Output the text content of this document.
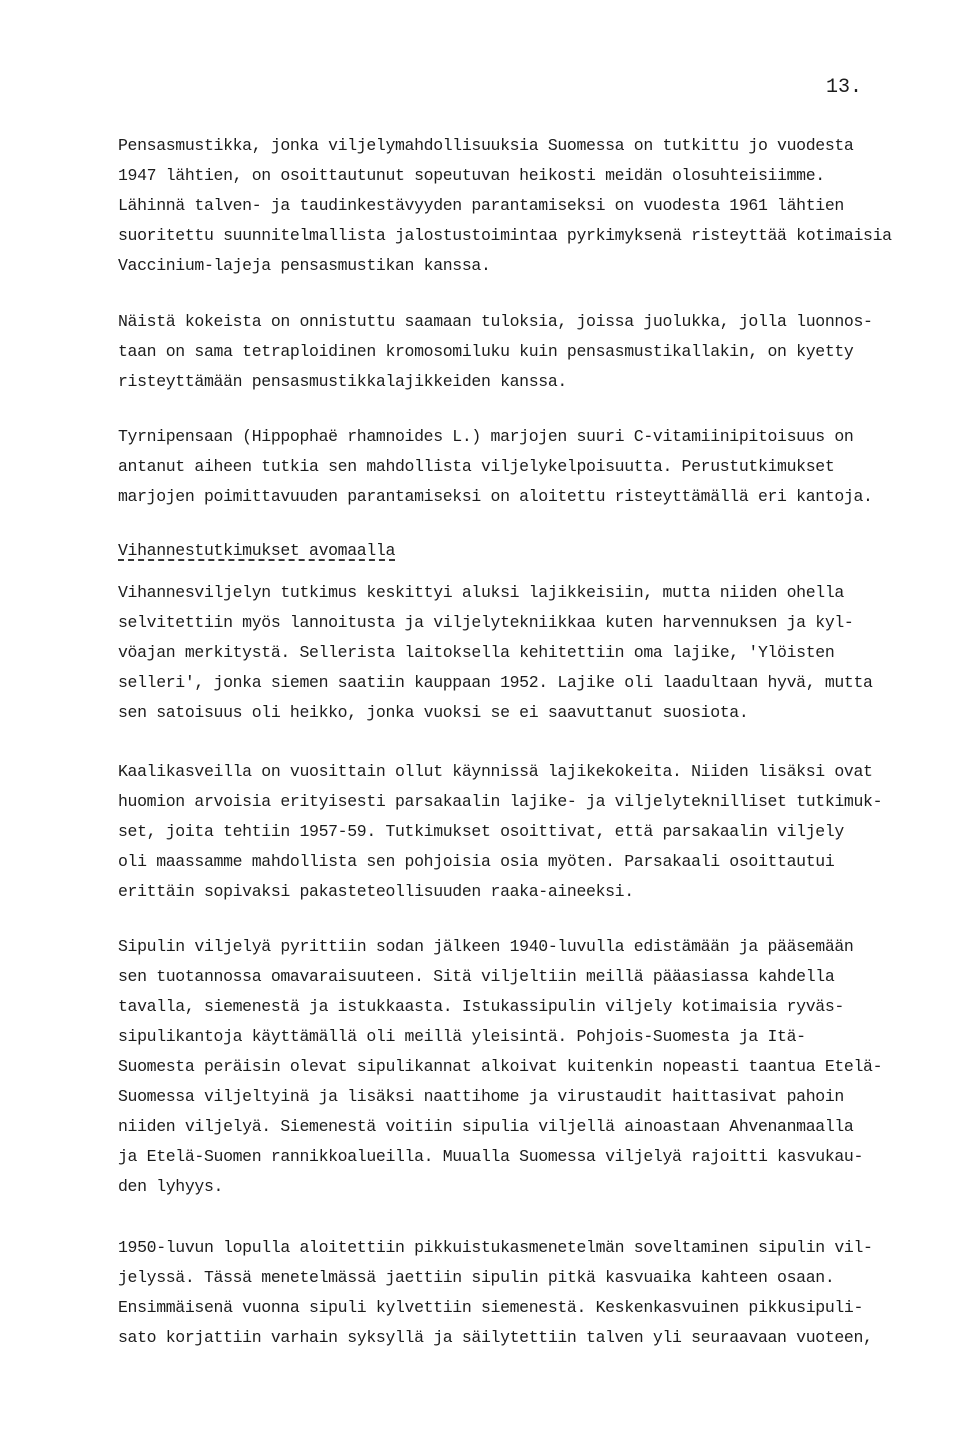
13.
Pensasmustikka, jonka viljelymahdollisuuksia Suomessa on tutkittu jo vuodesta
1947 lähtien, on osoittautunut sopeutuvan heikosti meidän olosuhteisiimme.
Lähinnä talven- ja taudinkestävyyden parantamiseksi on vuodesta 1961 lähtien
suoritettu suunnitelmallista jalostustoimintaa pyrkimyksenä risteyttää kotimaisia
Vaccinium-lajeja pensasmustikan kanssa.
Näistä kokeista on onnistuttu saamaan tuloksia, joissa juolukka, jolla luonnos-
taan on sama tetraploidinen kromosomiluku kuin pensasmustikallakin, on kyetty
risteyttämään pensasmustikkalajikkeiden kanssa.
Tyrnipensaan (Hippophaë rhamnoides L.) marjojen suuri C-vitamiinipitoisuus on
antanut aiheen tutkia sen mahdollista viljelykelpoisuutta. Perustutkimukset
marjojen poimittavuuden parantamiseksi on aloitettu risteyttämällä eri kantoja.
Vihannestutkimukset avomaalla
Vihannesviljelyn tutkimus keskittyi aluksi lajikkeisiin, mutta niiden ohella
selvitettiin myös lannoitusta ja viljelytekniikkaa kuten harvennuksen ja kyl-
vöajan merkitystä. Sellerista laitoksella kehitettiin oma lajike, 'Ylöisten
selleri', jonka siemen saatiin kauppaan 1952. Lajike oli laadultaan hyvä, mutta
sen satoisuus oli heikko, jonka vuoksi se ei saavuttanut suosiota.
Kaalikasveilla on vuosittain ollut käynnissä lajikekokeita. Niiden lisäksi ovat
huomion arvoisia erityisesti parsakaalin lajike- ja viljelyteknilliset tutkimuk-
set, joita tehtiin 1957-59. Tutkimukset osoittivat, että parsakaalin viljely
oli maassamme mahdollista sen pohjoisia osia myöten. Parsakaali osoittautui
erittäin sopivaksi pakasteteollisuuden raaka-aineeksi.
Sipulin viljelyä pyrittiin sodan jälkeen 1940-luvulla edistämään ja pääsemään
sen tuotannossa omavaraisuuteen. Sitä viljeltiin meillä pääasiassa kahdella
tavalla, siemenestä ja istukkaasta. Istukassipulin viljely kotimaisia ryväs-
sipulikantoja käyttämällä oli meillä yleisintä. Pohjois-Suomesta ja Itä-
Suomesta peräisin olevat sipulikannat alkoivat kuitenkin nopeasti taantua Etelä-
Suomessa viljeltyinä ja lisäksi naattihome ja virustaudit haittasivat pahoin
niiden viljelyä. Siemenestä voitiin sipulia viljellä ainoastaan Ahvenanmaalla
ja Etelä-Suomen rannikkoalueilla. Muualla Suomessa viljelyä rajoitti kasvukau-
den lyhyys.
1950-luvun lopulla aloitettiin pikkuistukasmenetelmän soveltaminen sipulin vil-
jelyssä. Tässä menetelmässä jaettiin sipulin pitkä kasvuaika kahteen osaan.
Ensimmäisenä vuonna sipuli kylvettiin siemenestä. Keskenkasvuinen pikkusipuli-
sato korjattiin varhain syksyllä ja säilytettiin talven yli seuraavaan vuoteen,
